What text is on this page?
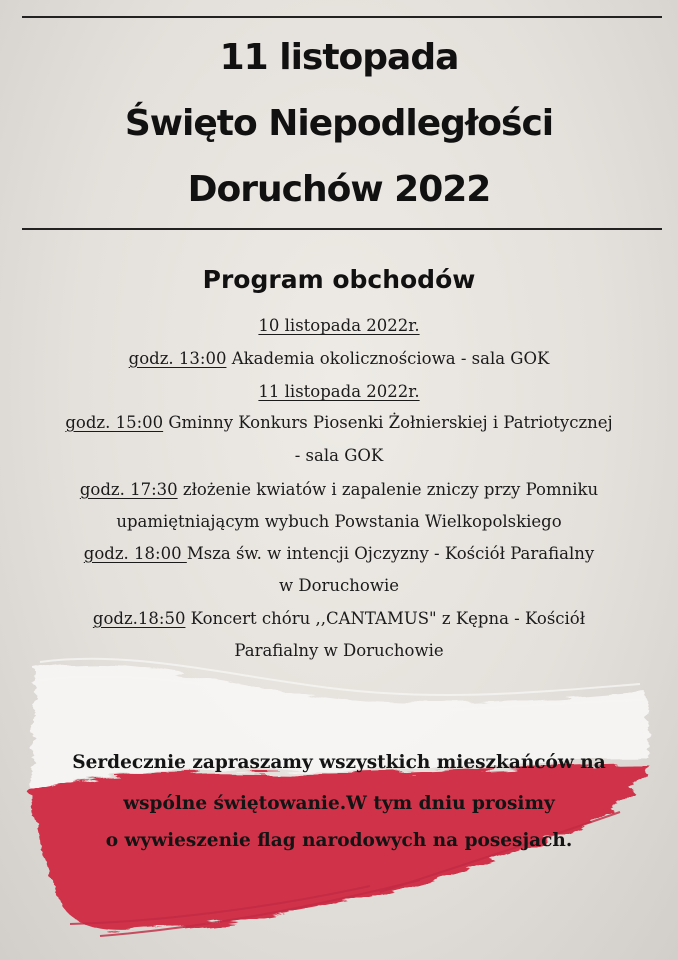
11 listopada
Święto Niepodległości
Doruchów 2022
Program obchodów
10 listopada 2022r.
godz. 13:00 Akademia okolicznościowa - sala GOK
11 listopada 2022r.
godz. 15:00 Gminny Konkurs Piosenki Żołnierskiej i Patriotycznej
- sala GOK
godz. 17:30 złożenie kwiatów i zapalenie zniczy przy Pomniku
upamiętniającym wybuch Powstania Wielkopolskiego
godz. 18:00 Msza św. w intencji Ojczyzny - Kościół Parafialny
w Doruchowie
godz.18:50 Koncert chóru ,,CANTAMUS" z Kępna - Kościół
Parafialny w Doruchowie
Serdecznie zapraszamy wszystkich mieszkańców na
wspólne świętowanie.W tym dniu prosimy
o wywieszenie flag narodowych na posesjach.
